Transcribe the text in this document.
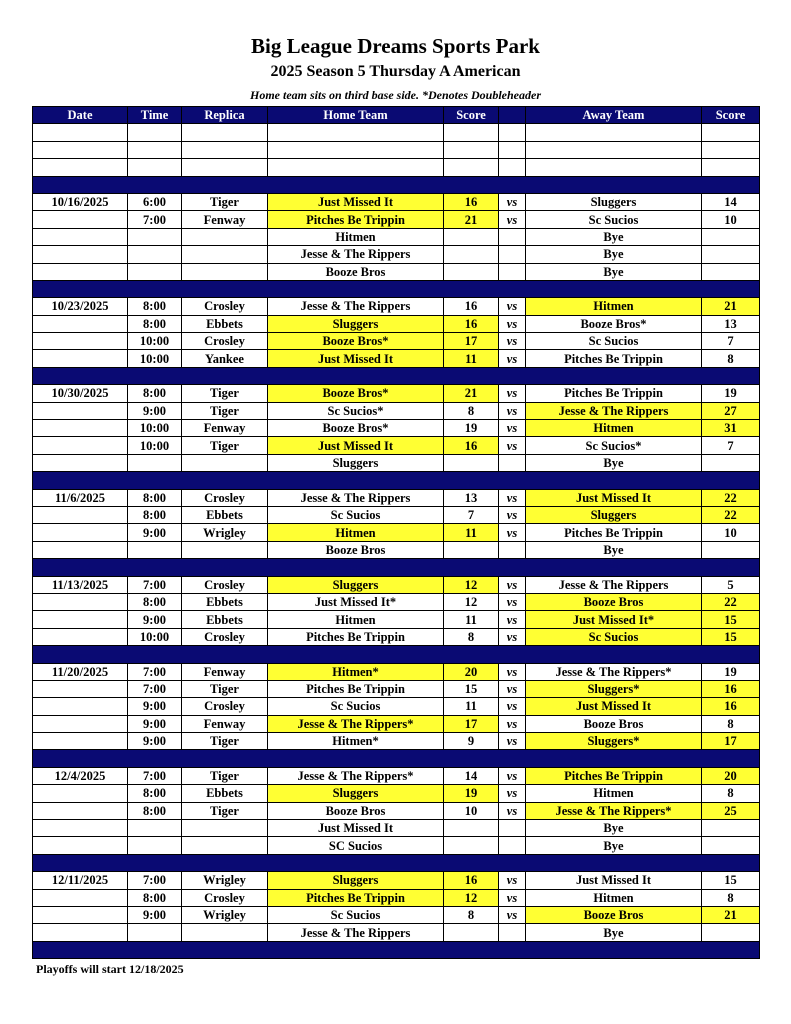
Big League Dreams Sports Park
2025 Season 5 Thursday A American
Home team sits on third base side. *Denotes Doubleheader
Date	Time	Replica	Home Team	Score		Away Team	Score

10/16/2025	6:00	Tiger	Just Missed It	16	vs	Sluggers	14
	7:00	Fenway	Pitches Be Trippin	21	vs	Sc Sucios	10
			Hitmen			Bye	
			Jesse & The Rippers			Bye	
			Booze Bros			Bye	

10/23/2025	8:00	Crosley	Jesse & The Rippers	16	vs	Hitmen	21
	8:00	Ebbets	Sluggers	16	vs	Booze Bros*	13
	10:00	Crosley	Booze Bros*	17	vs	Sc Sucios	7
	10:00	Yankee	Just Missed It	11	vs	Pitches Be Trippin	8

10/30/2025	8:00	Tiger	Booze Bros*	21	vs	Pitches Be Trippin	19
	9:00	Tiger	Sc Sucios*	8	vs	Jesse & The Rippers	27
	10:00	Fenway	Booze Bros*	19	vs	Hitmen	31
	10:00	Tiger	Just Missed It	16	vs	Sc Sucios*	7
			Sluggers			Bye	

11/6/2025	8:00	Crosley	Jesse & The Rippers	13	vs	Just Missed It	22
	8:00	Ebbets	Sc Sucios	7	vs	Sluggers	22
	9:00	Wrigley	Hitmen	11	vs	Pitches Be Trippin	10
			Booze Bros			Bye	

11/13/2025	7:00	Crosley	Sluggers	12	vs	Jesse & The Rippers	5
	8:00	Ebbets	Just Missed It*	12	vs	Booze Bros	22
	9:00	Ebbets	Hitmen	11	vs	Just Missed It*	15
	10:00	Crosley	Pitches Be Trippin	8	vs	Sc Sucios	15

11/20/2025	7:00	Fenway	Hitmen*	20	vs	Jesse & The Rippers*	19
	7:00	Tiger	Pitches Be Trippin	15	vs	Sluggers*	16
	9:00	Crosley	Sc Sucios	11	vs	Just Missed It	16
	9:00	Fenway	Jesse & The Rippers*	17	vs	Booze Bros	8
	9:00	Tiger	Hitmen*	9	vs	Sluggers*	17

12/4/2025	7:00	Tiger	Jesse & The Rippers*	14	vs	Pitches Be Trippin	20
	8:00	Ebbets	Sluggers	19	vs	Hitmen	8
	8:00	Tiger	Booze Bros	10	vs	Jesse & The Rippers*	25
			Just Missed It			Bye	
			SC Sucios			Bye	

12/11/2025	7:00	Wrigley	Sluggers	16	vs	Just Missed It	15
	8:00	Crosley	Pitches Be Trippin	12	vs	Hitmen	8
	9:00	Wrigley	Sc Sucios	8	vs	Booze Bros	21
			Jesse & The Rippers			Bye	

Playoffs will start 12/18/2025
